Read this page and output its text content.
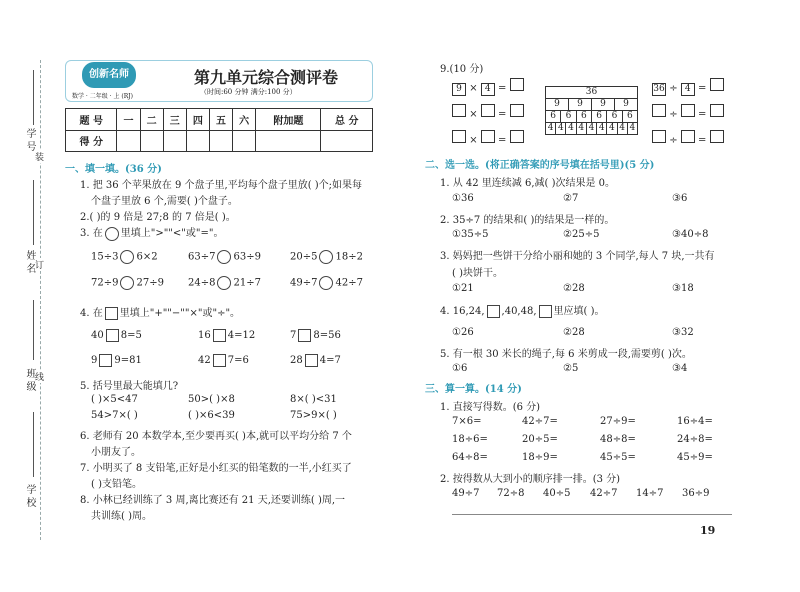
学 号
姓 名
班 级
学 校
装
订
线
创新名师
数学 · 二年级 · 上 (RJ)
第九单元综合测评卷
（时间:60 分钟 满分:100 分）
题 号	一	二	三	四	五	六	附加题	总 分
得 分								
一、填一填。(36 分)
1. 把 36 个苹果放在 9 个盘子里,平均每个盘子里放( )个;如果每
个盘子里放 6 个,需要( )个盘子。
2.( )的 9 倍是 27;8 的 7 倍是( )。
3. 在 里填上">""<"或"="。
15÷3 6×2	63÷7 63÷9	20÷5 18÷2
72÷9 27÷9 24÷8 21÷7	49÷7 42÷7
4. 在 里填上"+""−""×"或"÷"。
40 8=5	16 4=12	7 8=56
9 9=81	42 7=6	28 4=7
5. 括号里最大能填几?
( )×5<47	50>( )×8	8×( )<31
54>7×( )	( )×6<39	75>9×( )
6. 老师有 20 本数学本,至少要再买( )本,就可以平均分给 7 个
小朋友了。
7. 小明买了 8 支铅笔,正好是小红买的铅笔数的一半,小红买了
( )支铅笔。
8. 小林已经训练了 3 周,离比赛还有 21 天,还要训练( )周,一
共训练( )周。
9.(10 分)
9 × 4 =
× =
× =
36
9	9	9	9
6	6	6	6	6	6
4 4 4 4 4 4 4 4 4
36 ÷ 4 =
÷ =
÷ =
二、选一选。(将正确答案的序号填在括号里)(5 分)
1. 从 42 里连续减 6,减( )次结果是 0。
①36	②7	③6
2. 35÷7 的结果和( )的结果是一样的。
①35÷5	②25÷5	③40÷8
3. 妈妈把一些饼干分给小丽和她的 3 个同学,每人 7 块,一共有
( )块饼干。
①21	②28	③18
4. 16,24, ,40,48, 里应填( )。
①26	②28	③32
5. 有一根 30 米长的绳子,每 6 米剪成一段,需要剪( )次。
①6	②5	③4
三、算一算。(14 分)
1. 直接写得数。(6 分)
7×6=	42÷7=	27÷9=	16÷4=
18÷6=	20÷5=	48÷8=	24÷8=
64÷8=	18÷9=	45÷5=	45÷9=
2. 按得数从大到小的顺序排一排。(3 分)
49÷7 72÷8 40÷5 42÷7 14÷7 36÷9
19
